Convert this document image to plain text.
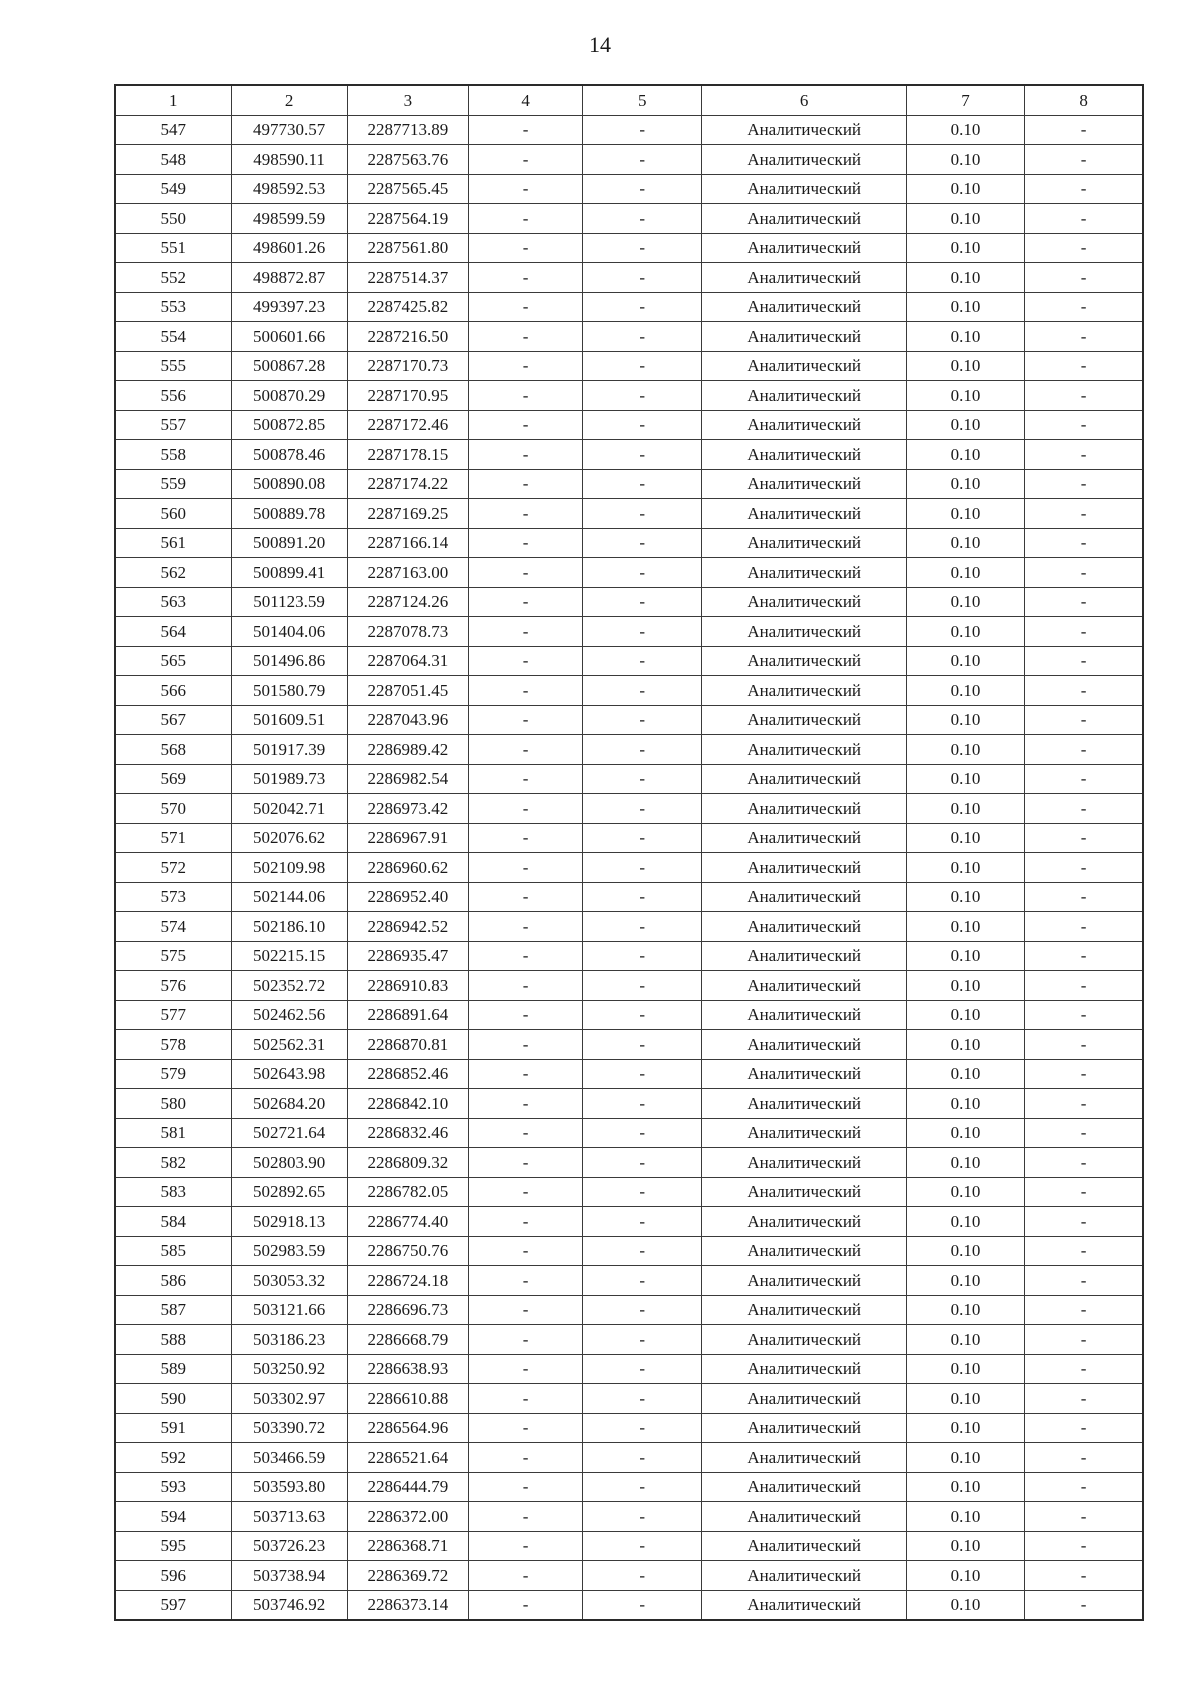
14
1	2	3	4	5	6	7	8
547	497730.57	2287713.89	-	-	Аналитический	0.10	-
548	498590.11	2287563.76	-	-	Аналитический	0.10	-
549	498592.53	2287565.45	-	-	Аналитический	0.10	-
550	498599.59	2287564.19	-	-	Аналитический	0.10	-
551	498601.26	2287561.80	-	-	Аналитический	0.10	-
552	498872.87	2287514.37	-	-	Аналитический	0.10	-
553	499397.23	2287425.82	-	-	Аналитический	0.10	-
554	500601.66	2287216.50	-	-	Аналитический	0.10	-
555	500867.28	2287170.73	-	-	Аналитический	0.10	-
556	500870.29	2287170.95	-	-	Аналитический	0.10	-
557	500872.85	2287172.46	-	-	Аналитический	0.10	-
558	500878.46	2287178.15	-	-	Аналитический	0.10	-
559	500890.08	2287174.22	-	-	Аналитический	0.10	-
560	500889.78	2287169.25	-	-	Аналитический	0.10	-
561	500891.20	2287166.14	-	-	Аналитический	0.10	-
562	500899.41	2287163.00	-	-	Аналитический	0.10	-
563	501123.59	2287124.26	-	-	Аналитический	0.10	-
564	501404.06	2287078.73	-	-	Аналитический	0.10	-
565	501496.86	2287064.31	-	-	Аналитический	0.10	-
566	501580.79	2287051.45	-	-	Аналитический	0.10	-
567	501609.51	2287043.96	-	-	Аналитический	0.10	-
568	501917.39	2286989.42	-	-	Аналитический	0.10	-
569	501989.73	2286982.54	-	-	Аналитический	0.10	-
570	502042.71	2286973.42	-	-	Аналитический	0.10	-
571	502076.62	2286967.91	-	-	Аналитический	0.10	-
572	502109.98	2286960.62	-	-	Аналитический	0.10	-
573	502144.06	2286952.40	-	-	Аналитический	0.10	-
574	502186.10	2286942.52	-	-	Аналитический	0.10	-
575	502215.15	2286935.47	-	-	Аналитический	0.10	-
576	502352.72	2286910.83	-	-	Аналитический	0.10	-
577	502462.56	2286891.64	-	-	Аналитический	0.10	-
578	502562.31	2286870.81	-	-	Аналитический	0.10	-
579	502643.98	2286852.46	-	-	Аналитический	0.10	-
580	502684.20	2286842.10	-	-	Аналитический	0.10	-
581	502721.64	2286832.46	-	-	Аналитический	0.10	-
582	502803.90	2286809.32	-	-	Аналитический	0.10	-
583	502892.65	2286782.05	-	-	Аналитический	0.10	-
584	502918.13	2286774.40	-	-	Аналитический	0.10	-
585	502983.59	2286750.76	-	-	Аналитический	0.10	-
586	503053.32	2286724.18	-	-	Аналитический	0.10	-
587	503121.66	2286696.73	-	-	Аналитический	0.10	-
588	503186.23	2286668.79	-	-	Аналитический	0.10	-
589	503250.92	2286638.93	-	-	Аналитический	0.10	-
590	503302.97	2286610.88	-	-	Аналитический	0.10	-
591	503390.72	2286564.96	-	-	Аналитический	0.10	-
592	503466.59	2286521.64	-	-	Аналитический	0.10	-
593	503593.80	2286444.79	-	-	Аналитический	0.10	-
594	503713.63	2286372.00	-	-	Аналитический	0.10	-
595	503726.23	2286368.71	-	-	Аналитический	0.10	-
596	503738.94	2286369.72	-	-	Аналитический	0.10	-
597	503746.92	2286373.14	-	-	Аналитический	0.10	-
